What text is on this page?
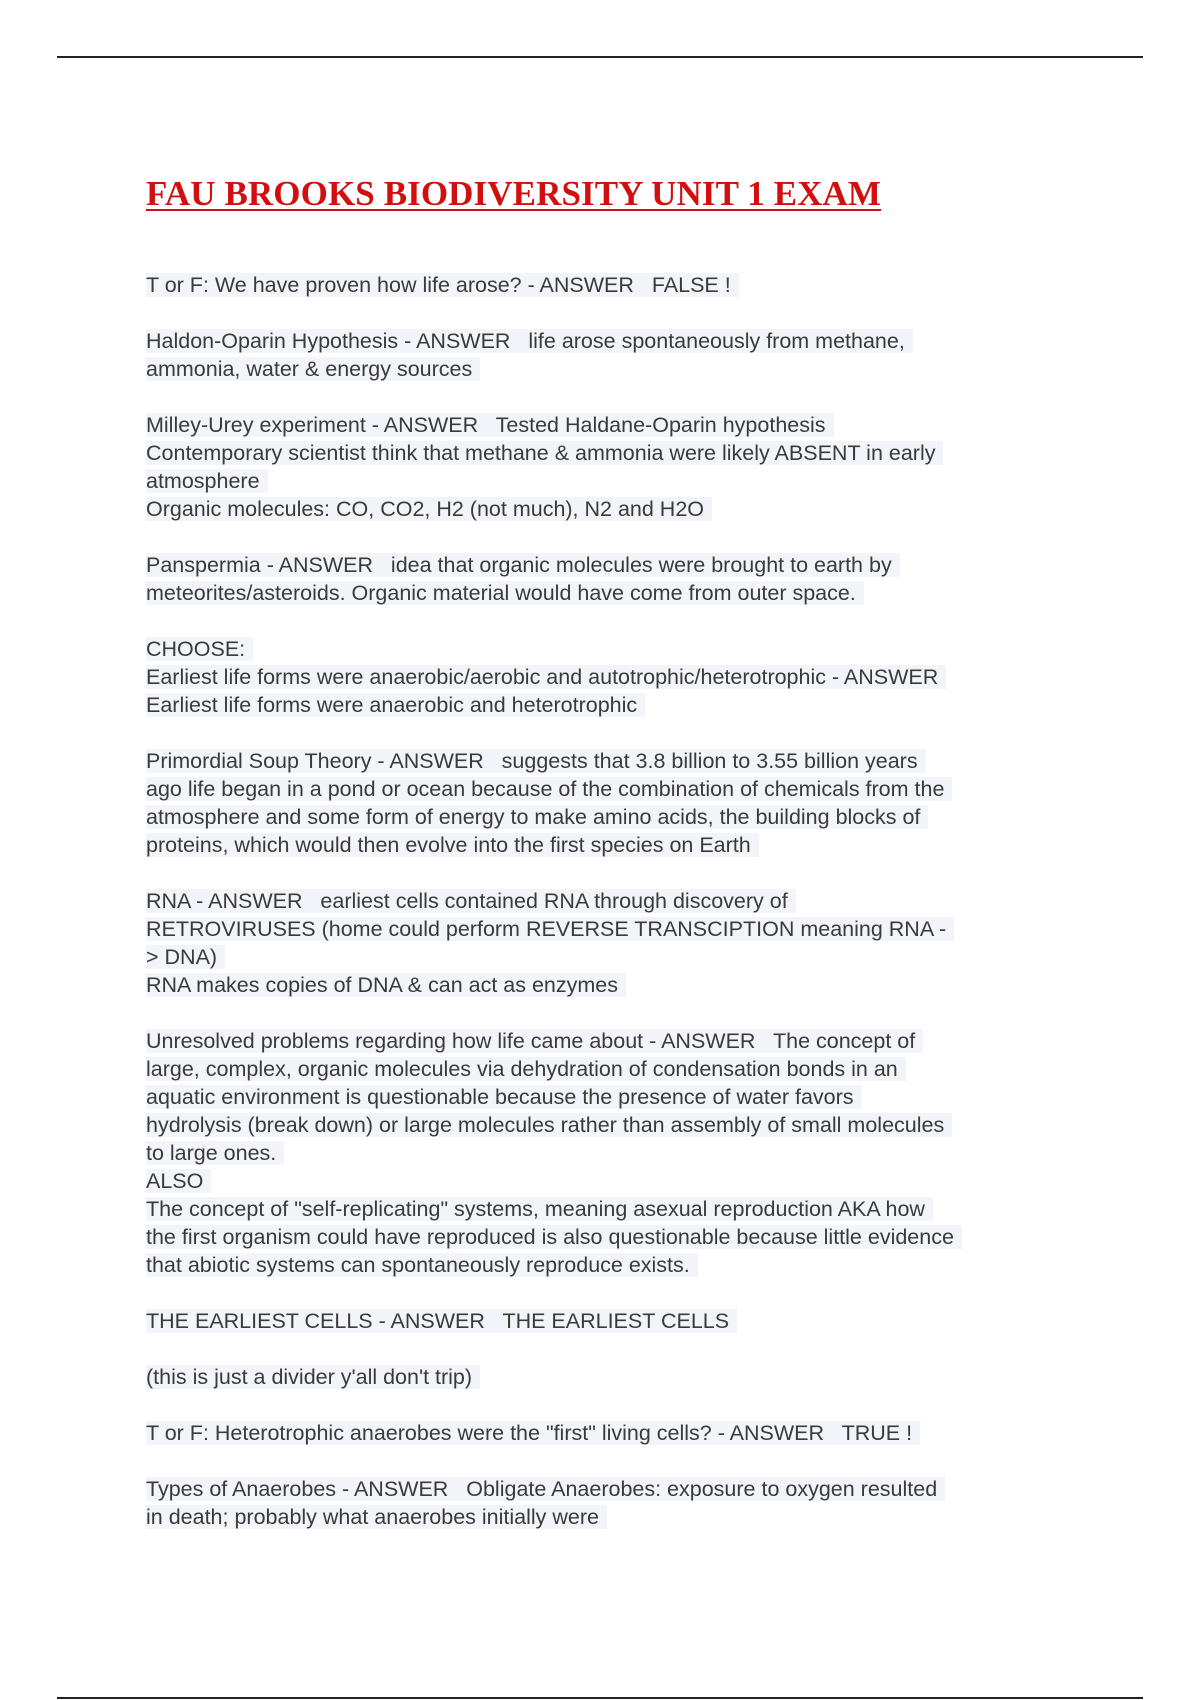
FAU BROOKS BIODIVERSITY UNIT 1 EXAM
T or F: We have proven how life arose? - ANSWER   FALSE !
Haldon-Oparin Hypothesis - ANSWER   life arose spontaneously from methane,
ammonia, water & energy sources
Milley-Urey experiment - ANSWER   Tested Haldane-Oparin hypothesis
Contemporary scientist think that methane & ammonia were likely ABSENT in early
atmosphere
Organic molecules: CO, CO2, H2 (not much), N2 and H2O
Panspermia - ANSWER   idea that organic molecules were brought to earth by
meteorites/asteroids. Organic material would have come from outer space.
CHOOSE:
Earliest life forms were anaerobic/aerobic and autotrophic/heterotrophic - ANSWER
Earliest life forms were anaerobic and heterotrophic
Primordial Soup Theory - ANSWER   suggests that 3.8 billion to 3.55 billion years
ago life began in a pond or ocean because of the combination of chemicals from the
atmosphere and some form of energy to make amino acids, the building blocks of
proteins, which would then evolve into the first species on Earth
RNA - ANSWER   earliest cells contained RNA through discovery of
RETROVIRUSES (home could perform REVERSE TRANSCIPTION meaning RNA -
> DNA)
RNA makes copies of DNA & can act as enzymes
Unresolved problems regarding how life came about - ANSWER   The concept of
large, complex, organic molecules via dehydration of condensation bonds in an
aquatic environment is questionable because the presence of water favors
hydrolysis (break down) or large molecules rather than assembly of small molecules
to large ones.
ALSO
The concept of "self-replicating" systems, meaning asexual reproduction AKA how
the first organism could have reproduced is also questionable because little evidence
that abiotic systems can spontaneously reproduce exists.
THE EARLIEST CELLS - ANSWER   THE EARLIEST CELLS
(this is just a divider y'all don't trip)
T or F: Heterotrophic anaerobes were the "first" living cells? - ANSWER   TRUE !
Types of Anaerobes - ANSWER   Obligate Anaerobes: exposure to oxygen resulted
in death; probably what anaerobes initially were
